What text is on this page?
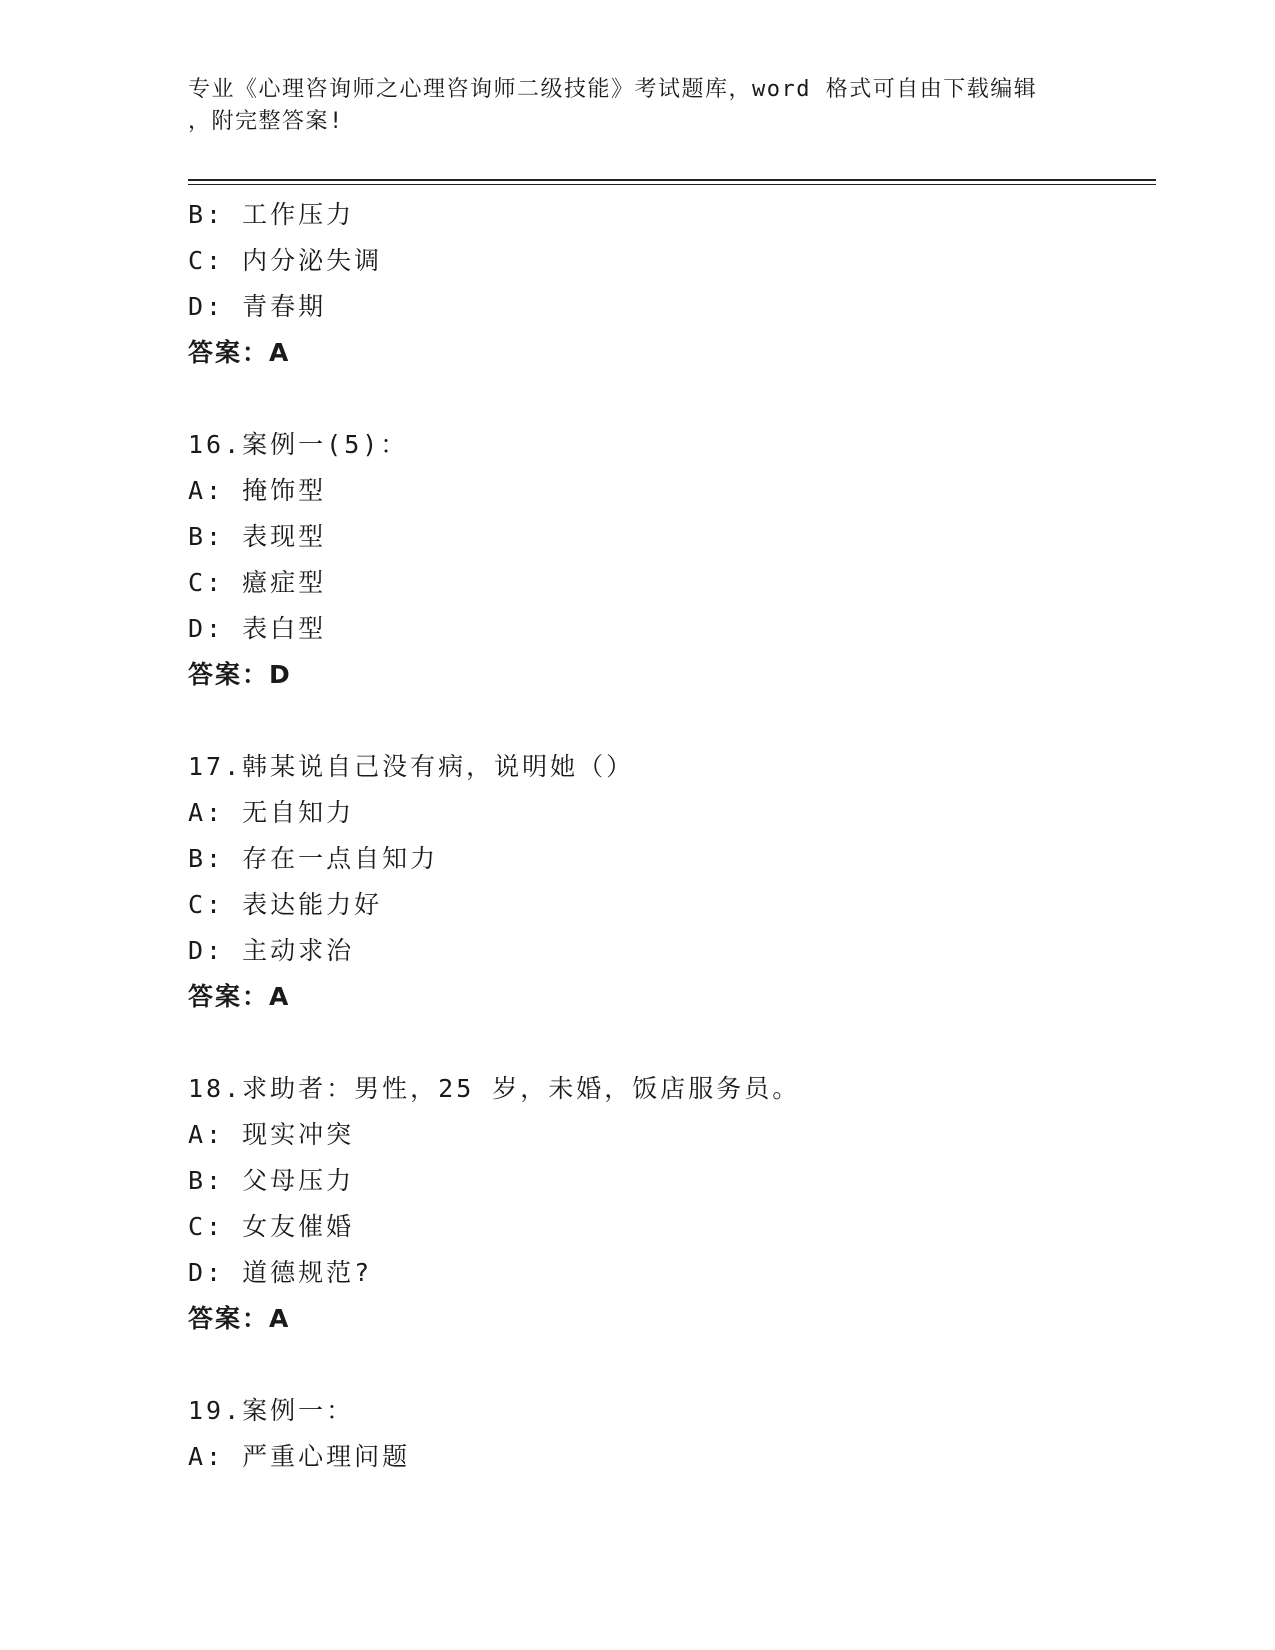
专业《心理咨询师之心理咨询师二级技能》考试题库，word 格式可自由下载编辑
，附完整答案!
B: 工作压力
C: 内分泌失调
D: 青春期
答案：A
16.案例一(5)：
A: 掩饰型
B: 表现型
C: 癔症型
D: 表白型
答案：D
17.韩某说自己没有病，说明她（）
A: 无自知力
B: 存在一点自知力
C: 表达能力好
D: 主动求治
答案：A
18.求助者：男性，25 岁，未婚，饭店服务员。
A: 现实冲突
B: 父母压力
C: 女友催婚
D: 道德规范?
答案：A
19.案例一：
A: 严重心理问题
